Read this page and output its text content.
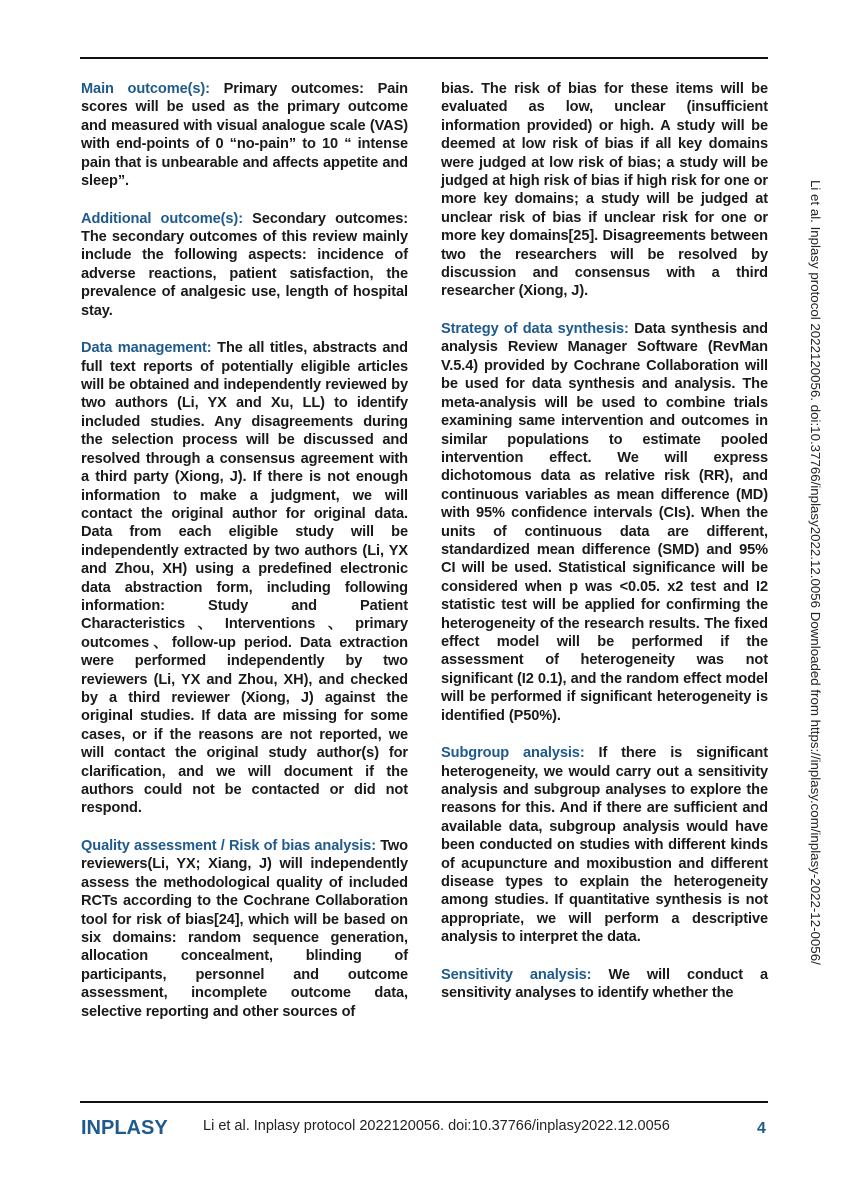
Main outcome(s): Primary outcomes: Pain scores will be used as the primary outcome and measured with visual analogue scale (VAS) with end-points of 0 “no-pain” to 10 “ intense pain that is unbearable and affects appetite and sleep”.

Additional outcome(s): Secondary outcomes: The secondary outcomes of this review mainly include the following aspects: incidence of adverse reactions, patient satisfaction, the prevalence of analgesic use, length of hospital stay.

Data management: The all titles, abstracts and full text reports of potentially eligible articles will be obtained and independently reviewed by two authors (Li, YX and Xu, LL) to identify included studies. Any disagreements during the selection process will be discussed and resolved through a consensus agreement with a third party (Xiong, J). If there is not enough information to make a judgment, we will contact the original author for original data. Data from each eligible study will be independently extracted by two authors (Li, YX and Zhou, XH) using a predefined electronic data abstraction form, including following information: Study and Patient Characteristics、Interventions、primary outcomes、follow-up period. Data extraction were performed independently by two reviewers (Li, YX and Zhou, XH), and checked by a third reviewer (Xiong, J) against the original studies. If data are missing for some cases, or if the reasons are not reported, we will contact the original study author(s) for clarification, and we will document if the authors could not be contacted or did not respond.

Quality assessment / Risk of bias analysis: Two reviewers(Li, YX; Xiang, J) will independently assess the methodological quality of included RCTs according to the Cochrane Collaboration tool for risk of bias[24], which will be based on six domains: random sequence generation, allocation concealment, blinding of participants, personnel and outcome assessment, incomplete outcome data, selective reporting and other sources of

bias. The risk of bias for these items will be evaluated as low, unclear (insufficient information provided) or high. A study will be deemed at low risk of bias if all key domains were judged at low risk of bias; a study will be judged at high risk of bias if high risk for one or more key domains; a study will be judged at unclear risk of bias if unclear risk for one or more key domains[25]. Disagreements between two the researchers will be resolved by discussion and consensus with a third researcher (Xiong, J).

Strategy of data synthesis: Data synthesis and analysis Review Manager Software (RevMan V.5.4) provided by Cochrane Collaboration will be used for data synthesis and analysis. The meta-analysis will be used to combine trials examining same intervention and outcomes in similar populations to estimate pooled intervention effect. We will express dichotomous data as relative risk (RR), and continuous variables as mean difference (MD) with 95% confidence intervals (CIs). When the units of continuous data are different, standardized mean difference (SMD) and 95% CI will be used. Statistical significance will be considered when p was <0.05. x2 test and I2 statistic test will be applied for confirming the heterogeneity of the research results. The fixed effect model will be performed if the assessment of heterogeneity was not significant (I2 0.1), and the random effect model will be performed if significant heterogeneity is identified (P50%).

Subgroup analysis: If there is significant heterogeneity, we would carry out a sensitivity analysis and subgroup analyses to explore the reasons for this. And if there are sufficient and available data, subgroup analysis would have been conducted on studies with different kinds of acupuncture and moxibustion and different disease types to explain the heterogeneity among studies. If quantitative synthesis is not appropriate, we will perform a descriptive analysis to interpret the data.

Sensitivity analysis: We will conduct a sensitivity analyses to identify whether the

Li et al. Inplasy protocol 2022120056. doi:10.37766/inplasy2022.12.0056 Downloaded from https://inplasy.com/inplasy-2022-12-0056/
INPLASY Li et al. Inplasy protocol 2022120056. doi:10.37766/inplasy2022.12.0056	4
